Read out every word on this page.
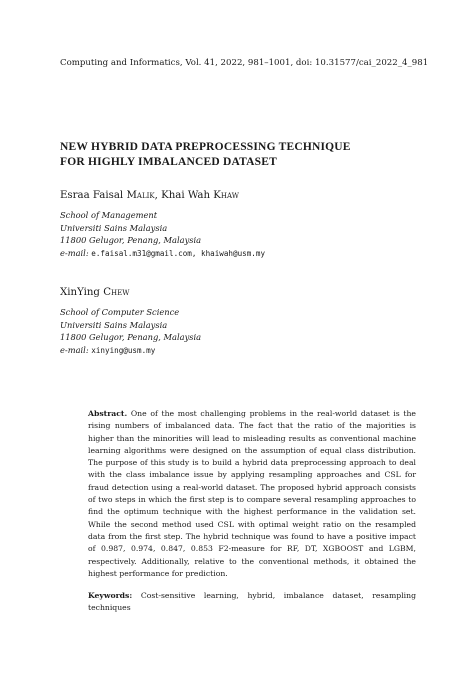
Computing and Informatics, Vol. 41, 2022, 981–1001, doi: 10.31577/cai_2022_4_981
NEW HYBRID DATA PREPROCESSING TECHNIQUE
FOR HIGHLY IMBALANCED DATASET
Esraa Faisal Malik, Khai Wah Khaw
School of Management
Universiti Sains Malaysia
11800 Gelugor, Penang, Malaysia
e-mail: e.faisal.m31@gmail.com, khaiwah@usm.my
XinYing Chew
School of Computer Science
Universiti Sains Malaysia
11800 Gelugor, Penang, Malaysia
e-mail: xinying@usm.my
Abstract. One of the most challenging problems in the real-world dataset is the rising numbers of imbalanced data. The fact that the ratio of the majorities is higher than the minorities will lead to misleading results as conventional machine learning algorithms were designed on the assumption of equal class distribution. The purpose of this study is to build a hybrid data preprocessing approach to deal with the class imbalance issue by applying resampling approaches and CSL for fraud detection using a real-world dataset. The proposed hybrid approach consists of two steps in which the first step is to compare several resampling approaches to find the optimum technique with the highest performance in the validation set. While the second method used CSL with optimal weight ratio on the resampled data from the first step. The hybrid technique was found to have a positive impact of 0.987, 0.974, 0.847, 0.853 F2-measure for RF, DT, XGBOOST and LGBM, respectively. Additionally, relative to the conventional methods, it obtained the highest performance for prediction.
Keywords: Cost-sensitive learning, hybrid, imbalance dataset, resampling techniques
